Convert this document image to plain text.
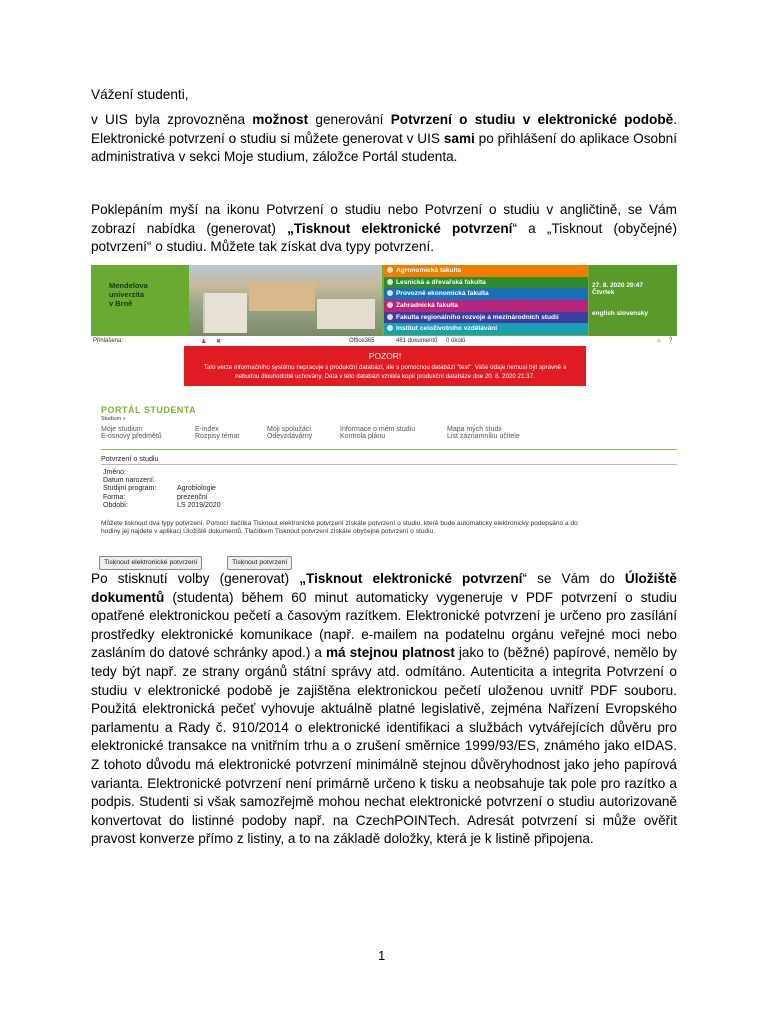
Vážení studenti,
v UIS byla zprovozněna možnost generování Potvrzení o studiu v elektronické podobě. Elektronické potvrzení o studiu si můžete generovat v UIS sami po přihlášení do aplikace Osobní administrativa v sekci Moje studium, záložce Portál studenta.
Poklepáním myší na ikonu Potvrzení o studiu nebo Potvrzení o studiu v angličtině, se Vám zobrazí nabídka (generovat) „Tisknout elektronické potvrzení“ a „Tisknout (obyčejné) potvrzení“ o studiu. Můžete tak získat dva typy potvrzení.
Po stisknutí volby (generovat) „Tisknout elektronické potvrzení“ se Vám do Úložiště dokumentů (studenta) během 60 minut automaticky vygeneruje v PDF potvrzení o studiu opatřené elektronickou pečetí a časovým razítkem. Elektronické potvrzení je určeno pro zasílání prostředky elektronické komunikace (např. e-mailem na podatelnu orgánu veřejné moci nebo zasláním do datové schránky apod.) a má stejnou platnost jako to (běžné) papírové, nemělo by tedy být např. ze strany orgánů státní správy atd. odmítáno. Autenticita a integrita Potvrzení o studiu v elektronické podobě je zajištěna elektronickou pečetí uloženou uvnitř PDF souboru. Použitá elektronická pečeť vyhovuje aktuálně platné legislativě, zejména Nařízení Evropského parlamentu a Rady č. 910/2014 o elektronické identifikaci a službách vytvářejících důvěru pro elektronické transakce na vnitřním trhu a o zrušení směrnice 1999/93/ES, známého jako eIDAS. Z tohoto důvodu má elektronické potvrzení minimálně stejnou důvěryhodnost jako jeho papírová varianta. Elektronické potvrzení není primárně určeno k tisku a neobsahuje tak pole pro razítko a podpis. Studenti si však samozřejmě mohou nechat elektronické potvrzení o studiu autorizovaně konvertovat do listinné podoby např. na CzechPOINTech. Adresát potvrzení si může ověřit pravost konverze přímo z listiny, a to na základě doložky, která je k listině připojena.
Mendelova
univerzita
v Brně
Agronomická fakulta
Lesnická a dřevařská fakulta
Provozně ekonomická fakulta
Zahradnická fakulta
Fakulta regionálního rozvoje a mezinárodních studií
Institut celoživotního vzdělávání
27. 8. 2020 20:47
Čtvrtek
english slovensky
Přihlášena:	♟ ✖	Office365	461 dokumentů 0 úkolů	⌂ ?
POZOR!
Tato verze informačního systému nepracuje s produkční databází, ale s pomocnou databází "test". Vaše údaje nemusí být správně a nebudou dlouhodobě uchovány. Data v této databázi vznikla kopií produkční databáze dne 20. 8. 2020 21:37.
PORTÁL STUDENTA
Studium »
Moje studium
E-osnovy předmětů
E-index
Rozpisy témat
Moji spolužáci
Odevzdávárny
Informace o mém studiu
Kontrola plánu
Mapa mých studií
List záznamníku učitele
Potvrzení o studiu
Jméno:
Datum narození:
Studijní program:	Agrobiologie
Forma:	prezenční
Období:	LS 2019/2020
Můžete tisknout dva typy potvrzení. Pomocí tlačítka Tisknout elektronické potvrzení získáte potvrzení o studiu, které bude automaticky elektronicky podepsáno a do hodiny jej najdete v aplikaci Úložiště dokumentů. Tlačítkem Tisknout potvrzení získáte obyčejné potvrzení o studiu.
Tisknout elektronické potvrzení	Tisknout potvrzení
1
